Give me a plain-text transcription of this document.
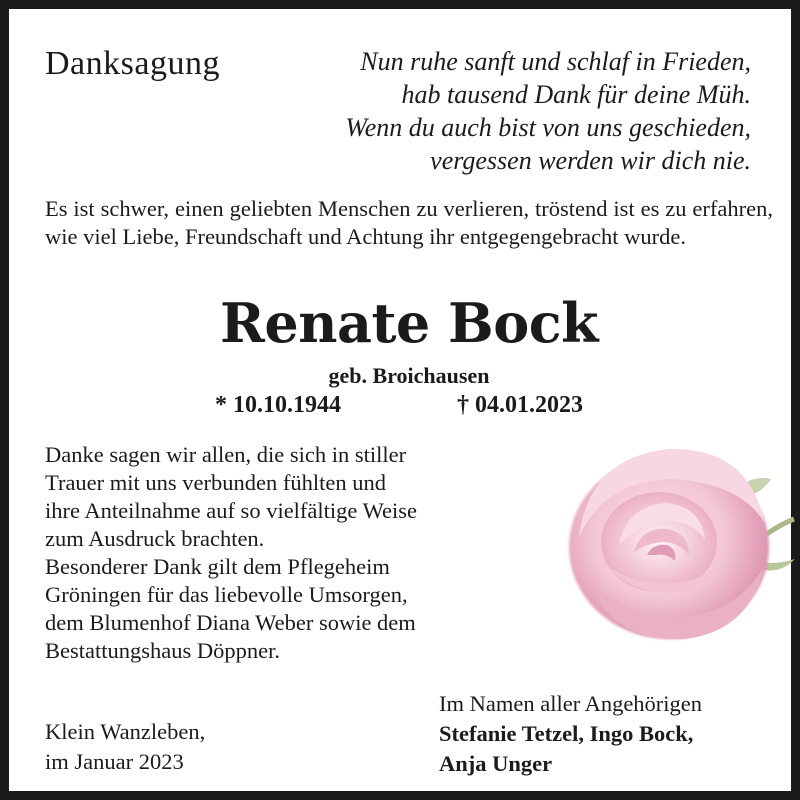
Danksagung	Nun ruhe sanft und schlaf in Frieden,
hab tausend Dank für deine Müh.
Wenn du auch bist von uns geschieden,
vergessen werden wir dich nie.
Es ist schwer, einen geliebten Menschen zu verlieren, tröstend ist es zu erfahren, wie viel Liebe, Freundschaft und Achtung ihr entgegengebracht wurde.
Renate Bock
geb. Broichausen
* 10.10.1944	† 04.01.2023
Danke sagen wir allen, die sich in stiller
Trauer mit uns verbunden fühlten und
ihre Anteilnahme auf so vielfältige Weise
zum Ausdruck brachten.
Besonderer Dank gilt dem Pflegeheim
Gröningen für das liebevolle Umsorgen,
dem Blumenhof Diana Weber sowie dem
Bestattungshaus Döppner.
Klein Wanzleben,
im Januar 2023
Im Namen aller Angehörigen
Stefanie Tetzel, Ingo Bock,
Anja Unger
